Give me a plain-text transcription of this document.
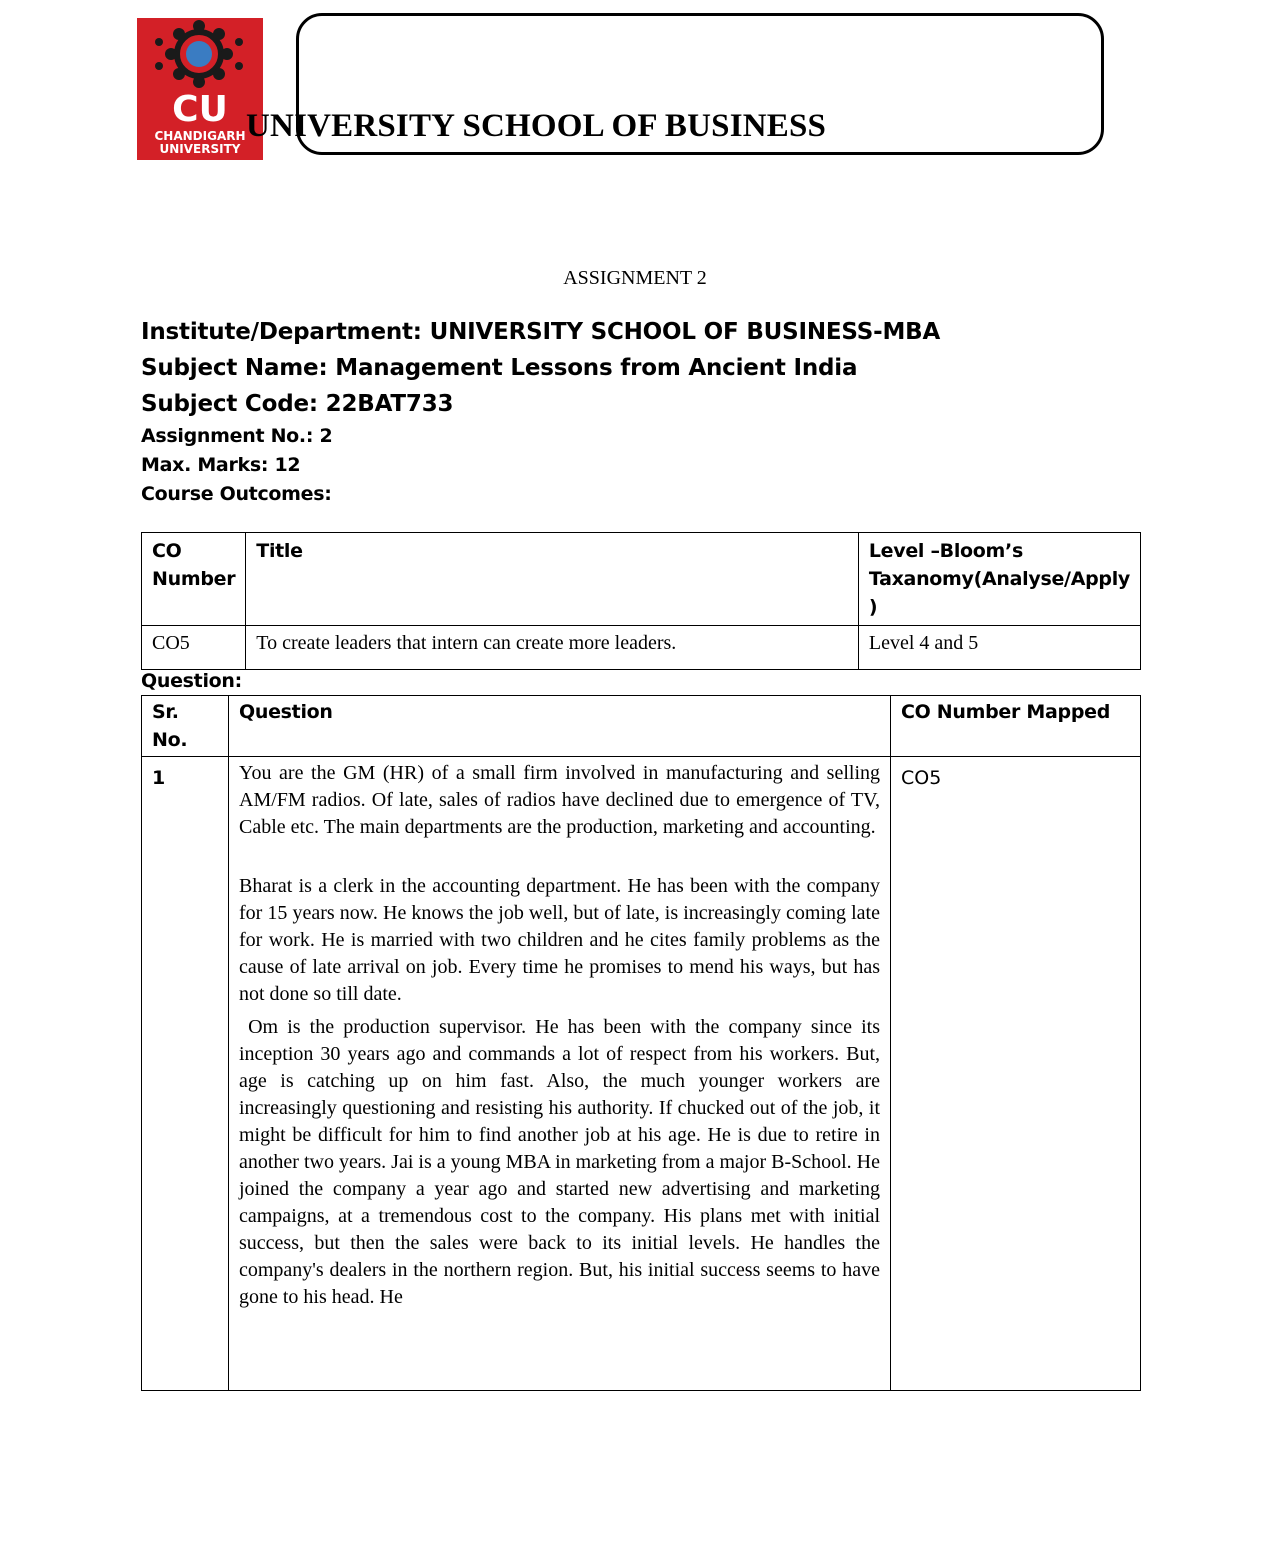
CU
CHANDIGARH
UNIVERSITY
UNIVERSITY SCHOOL OF BUSINESS
ASSIGNMENT 2
Institute/Department: UNIVERSITY SCHOOL OF BUSINESS-MBA
Subject Name: Management Lessons from Ancient India
Subject Code: 22BAT733
Assignment No.: 2
Max. Marks: 12
Course Outcomes:
CO Number	Title	Level –Bloom’s Taxanomy(Analyse/Apply )
CO5	To create leaders that intern can create more leaders.	Level 4 and 5
Question:
Sr. No.	Question	CO Number Mapped
1	You are the GM (HR) of a small firm involved in manufacturing and selling AM/FM radios. Of late, sales of radios have declined due to emergence of TV, Cable etc. The main departments are the production, marketing and accounting.

Bharat is a clerk in the accounting department. He has been with the company for 15 years now. He knows the job well, but of late, is increasingly coming late for work. He is married with two children and he cites family problems as the cause of late arrival on job. Every time he promises to mend his ways, but has not done so till date.

Om is the production supervisor. He has been with the company since its inception 30 years ago and commands a lot of respect from his workers. But, age is catching up on him fast. Also, the much younger workers are increasingly questioning and resisting his authority. If chucked out of the job, it might be difficult for him to find another job at his age. He is due to retire in another two years. Jai is a young MBA in marketing from a major B-School. He joined the company a year ago and started new advertising and marketing campaigns, at a tremendous cost to the company. His plans met with initial success, but then the sales were back to its initial levels. He handles the company's dealers in the northern region. But, his initial success seems to have gone to his head. He	CO5
